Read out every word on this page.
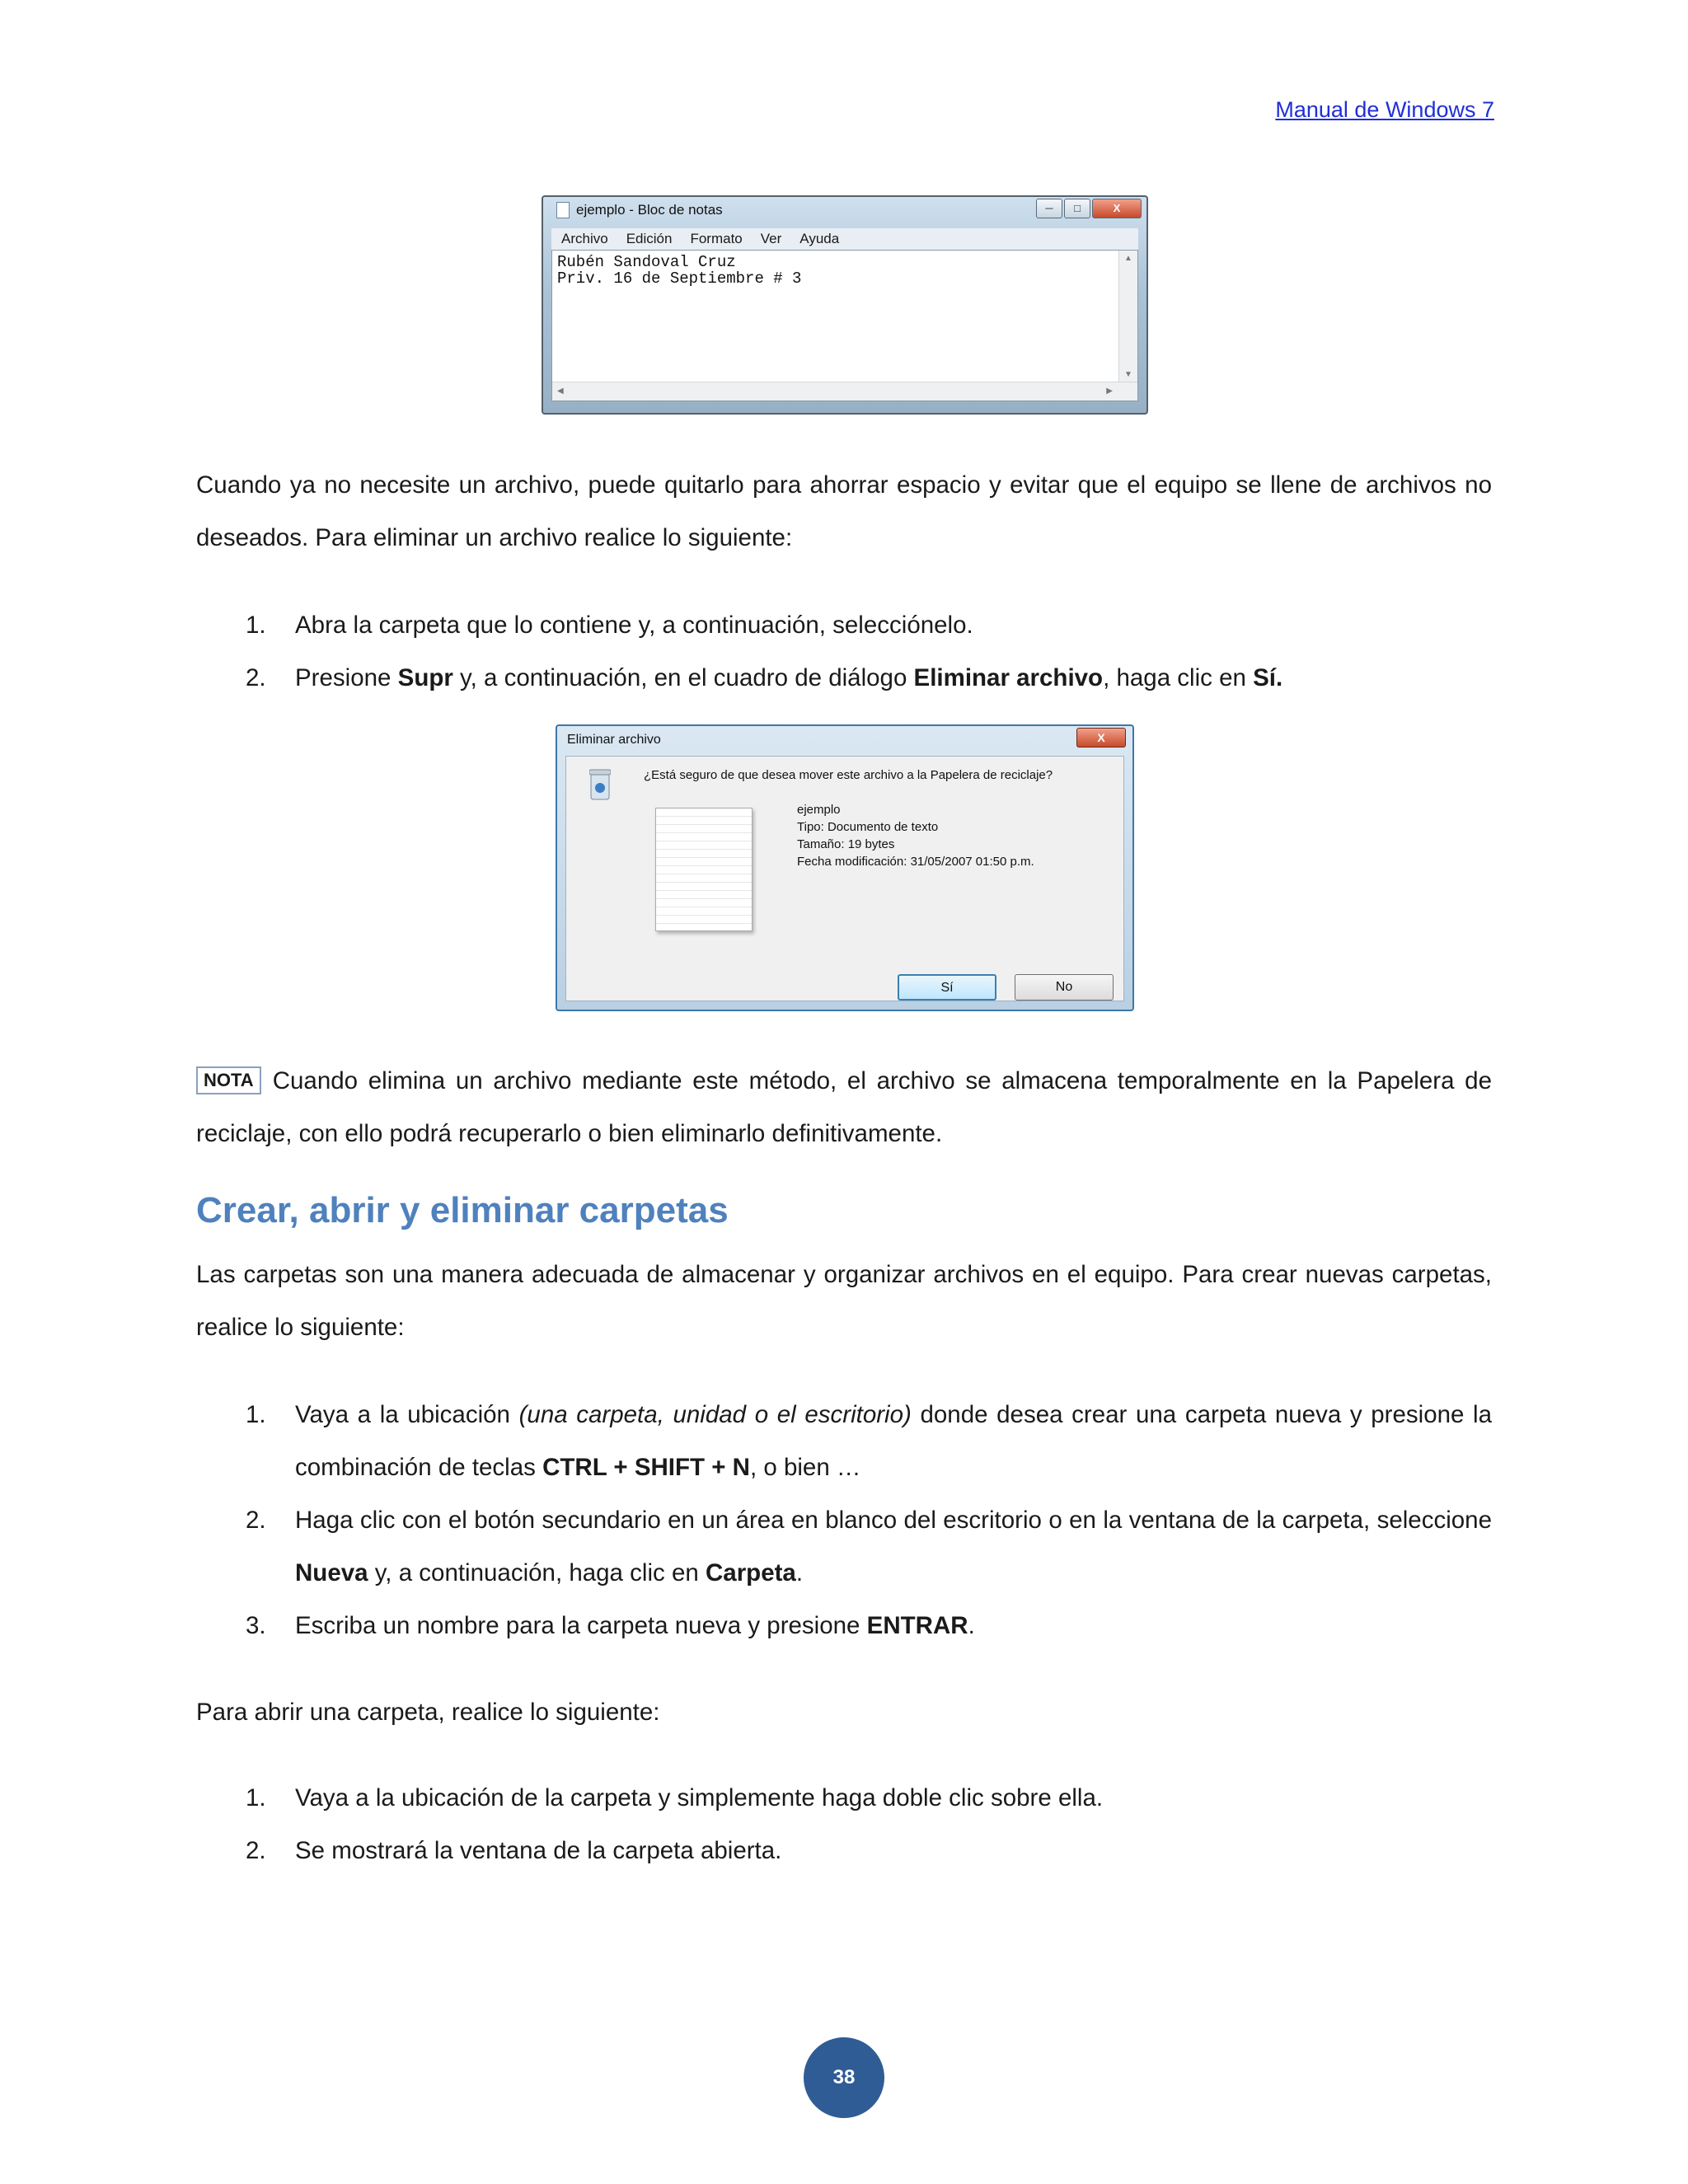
Manual de Windows 7
ejemplo - Bloc de notas	─	□	X
Archivo Edición Formato Ver Ayuda
Rubén Sandoval Cruz
Priv. 16 de Septiembre # 3
▲
▼
◀	▶

Cuando ya no necesite un archivo, puede quitarlo para ahorrar espacio y evitar que el equipo se llene de archivos no deseados. Para eliminar un archivo realice lo siguiente:

1. Abra la carpeta que lo contiene y, a continuación, selecciónelo.
2. Presione Supr y, a continuación, en el cuadro de diálogo Eliminar archivo, haga clic en Sí.
Eliminar archivo	X
¿Está seguro de que desea mover este archivo a la Papelera de reciclaje?
ejemplo
Tipo: Documento de texto
Tamaño: 19 bytes
Fecha modificación: 31/05/2007 01:50 p.m.
Sí	No

NOTA Cuando elimina un archivo mediante este método, el archivo se almacena temporalmente en la Papelera de reciclaje, con ello podrá recuperarlo o bien eliminarlo definitivamente.

Crear, abrir y eliminar carpetas

Las carpetas son una manera adecuada de almacenar y organizar archivos en el equipo. Para crear nuevas carpetas, realice lo siguiente:

1. Vaya a la ubicación (una carpeta, unidad o el escritorio) donde desea crear una carpeta nueva y presione la combinación de teclas CTRL + SHIFT + N, o bien …
2. Haga clic con el botón secundario en un área en blanco del escritorio o en la ventana de la carpeta, seleccione Nueva y, a continuación, haga clic en Carpeta.
3. Escriba un nombre para la carpeta nueva y presione ENTRAR.

Para abrir una carpeta, realice lo siguiente:

1. Vaya a la ubicación de la carpeta y simplemente haga doble clic sobre ella.
2. Se mostrará la ventana de la carpeta abierta.
38
